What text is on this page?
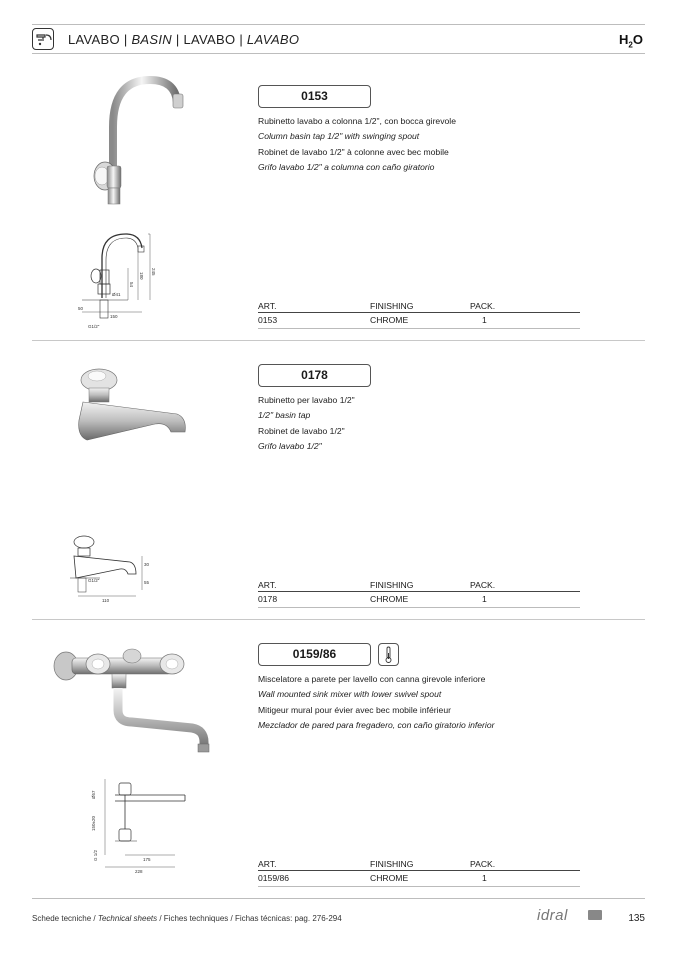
LAVABO | BASIN | LAVABO | LAVABO	$H_2O$
245
180
54
Ø41
50
150
G1/2"
0153
Rubinetto lavabo a colonna 1/2", con bocca girevole
Column basin tap 1/2" with swinging spout
Robinet de lavabo 1/2" à colonne avec bec mobile
Grifo lavabo 1/2" a columna con caño giratorio
ART.	FINISHING	PACK.
0153	CHROME	1
30
55
G1/2"
110
0178
Rubinetto per lavabo 1/2"
1/2" basin tap
Robinet de lavabo 1/2"
Grifo lavabo 1/2"
ART.	FINISHING	PACK.
0178	CHROME	1
Ø57
150±20
G 1/2	175
228
0159/86
Miscelatore a parete per lavello con canna girevole inferiore
Wall mounted sink mixer with lower swivel spout
Mitigeur mural pour évier avec bec mobile inférieur
Mezclador de pared para fregadero, con caño giratorio inferior
ART.	FINISHING	PACK.
0159/86	CHROME	1
Schede tecniche / Technical sheets / Fiches techniques / Fichas técnicas: pag. 276-294	idral	135
